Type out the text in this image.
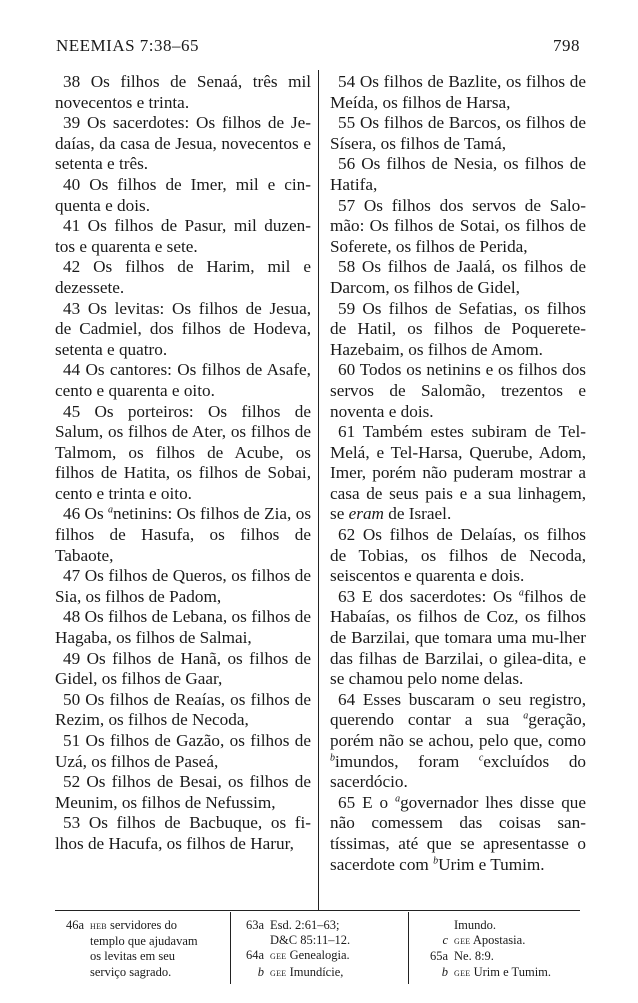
NEEMIAS 7:38–65	798

38 Os filhos de Senaá, três mil novecentos e trinta.

39 Os sacerdotes: Os filhos de Je-daías, da casa de Jesua, novecentos e setenta e três.

40 Os filhos de Imer, mil e cin-quenta e dois.

41 Os filhos de Pasur, mil duzen-tos e quarenta e sete.

42 Os filhos de Harim, mil e dezessete.

43 Os levitas: Os filhos de Jesua, de Cadmiel, dos filhos de Hodeva, setenta e quatro.

44 Os cantores: Os filhos de Asafe, cento e quarenta e oito.

45 Os porteiros: Os filhos de Salum, os filhos de Ater, os filhos de Talmom, os filhos de Acube, os filhos de Hatita, os filhos de Sobai, cento e trinta e oito.

46 Os $^a$netinins: Os filhos de Zia, os filhos de Hasufa, os filhos de Tabaote,

47 Os filhos de Queros, os filhos de Sia, os filhos de Padom,

48 Os filhos de Lebana, os filhos de Hagaba, os filhos de Salmai,

49 Os filhos de Hanã, os filhos de Gidel, os filhos de Gaar,

50 Os filhos de Reaías, os filhos de Rezim, os filhos de Necoda,

51 Os filhos de Gazão, os filhos de Uzá, os filhos de Paseá,

52 Os filhos de Besai, os filhos de Meunim, os filhos de Nefussim,

53 Os filhos de Bacbuque, os fi-lhos de Hacufa, os filhos de Harur,

54 Os filhos de Bazlite, os filhos de Meída, os filhos de Harsa,

55 Os filhos de Barcos, os filhos de Sísera, os filhos de Tamá,

56 Os filhos de Nesia, os filhos de Hatifa,

57 Os filhos dos servos de Salo-mão: Os filhos de Sotai, os filhos de Soferete, os filhos de Perida,

58 Os filhos de Jaalá, os filhos de Darcom, os filhos de Gidel,

59 Os filhos de Sefatias, os filhos de Hatil, os filhos de Poquerete-Hazebaim, os filhos de Amom.

60 Todos os netinins e os filhos dos servos de Salomão, trezentos e noventa e dois.

61 Também estes subiram de Tel-Melá, e Tel-Harsa, Querube, Adom, Imer, porém não puderam mostrar a casa de seus pais e a sua linhagem, se eram de Israel.

62 Os filhos de Delaías, os filhos de Tobias, os filhos de Necoda, seiscentos e quarenta e dois.

63 E dos sacerdotes: Os $^a$filhos de Habaías, os filhos de Coz, os filhos de Barzilai, que tomara uma mu-lher das filhas de Barzilai, o gilea-dita, e se chamou pelo nome delas.

64 Esses buscaram o seu registro, querendo contar a sua $^a$geração, porém não se achou, pelo que, como $^b$imundos, foram $^c$excluídos do sacerdócio.

65 E o $^a$governador lhes disse que não comessem das coisas san-tíssimas, até que se apresentasse o sacerdote com $^b$Urim e Tumim.

46a heb servidores do
templo que ajudavam
os levitas em seu
serviço sagrado.
63a Esd. 2:61–63;
D&C 85:11–12.
64a gee Genealogia.
b gee Imundície,
Imundo.
c gee Apostasia.
65a Ne. 8:9.
b gee Urim e Tumim.
